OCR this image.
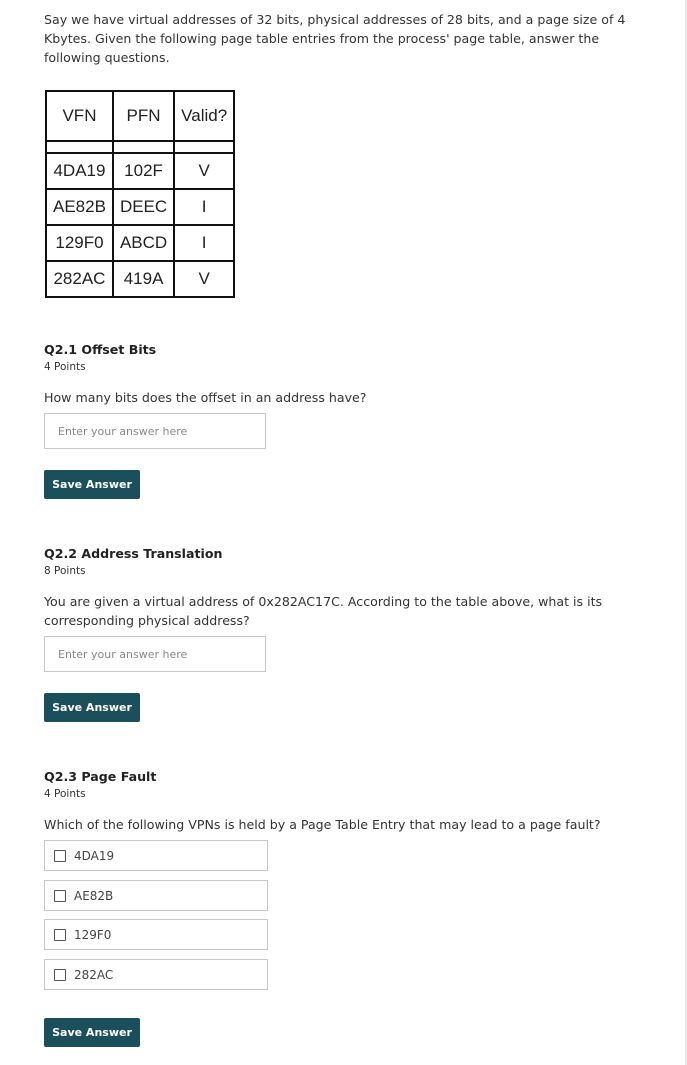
Say we have virtual addresses of 32 bits, physical addresses of 28 bits, and a page size of 4 Kbytes. Given the following page table entries from the process' page table, answer the following questions.
VFN	PFN	Valid?

4DA19	102F	V
AE82B	DEEC	I
129F0	ABCD	I
282AC	419A	V
Q2.1 Offset Bits
4 Points
How many bits does the offset in an address have?
Enter your answer here
Save Answer
Q2.2 Address Translation
8 Points
You are given a virtual address of 0x282AC17C. According to the table above, what is its corresponding physical address?
Enter your answer here
Save Answer
Q2.3 Page Fault
4 Points
Which of the following VPNs is held by a Page Table Entry that may lead to a page fault?
4DA19
AE82B
129F0
282AC
Save Answer
